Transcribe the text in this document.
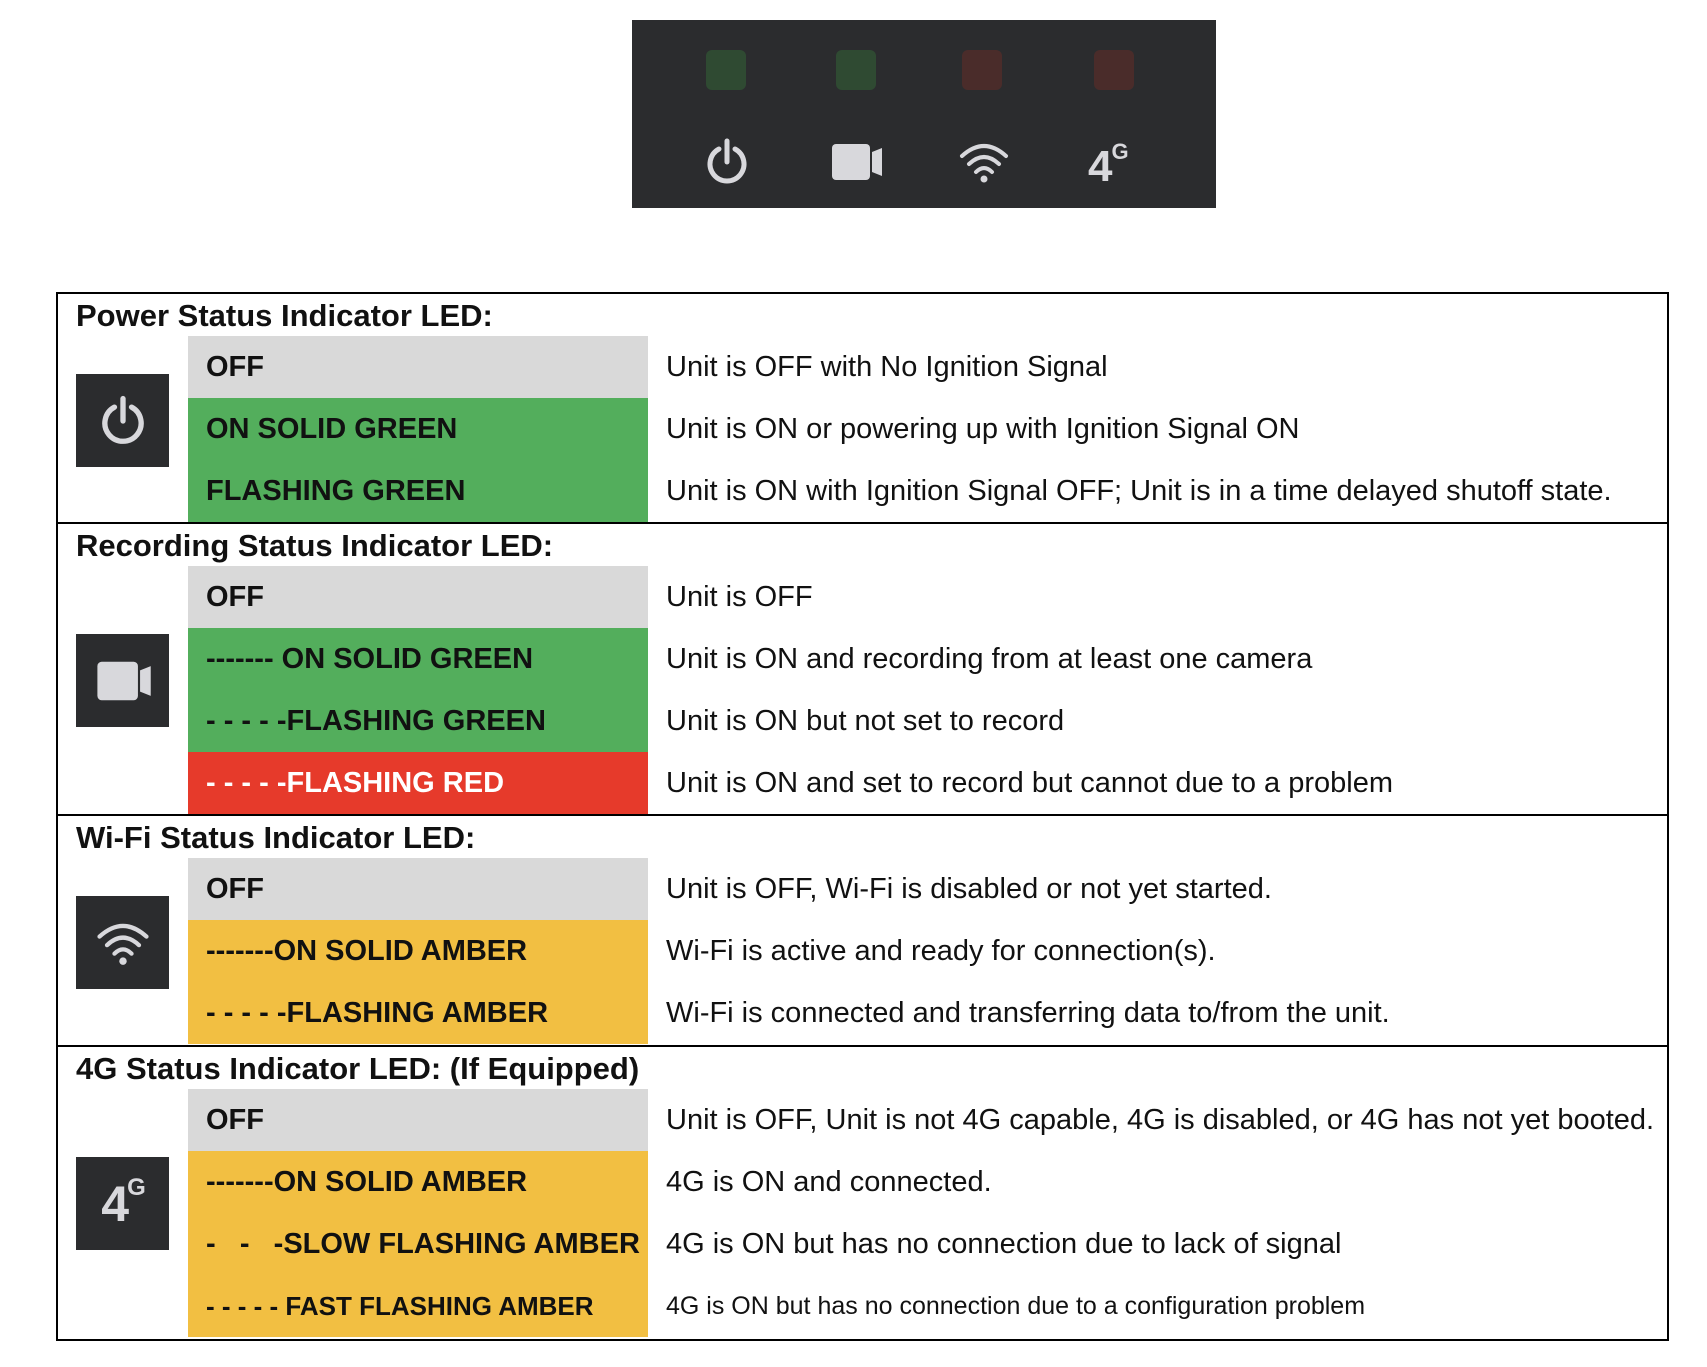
$4^G$
Power Status Indicator LED:
OFF	Unit is OFF with No Ignition Signal
ON SOLID GREEN	Unit is ON or powering up with Ignition Signal ON
FLASHING GREEN	Unit is ON with Ignition Signal OFF; Unit is in a time delayed shutoff state.
Recording Status Indicator LED:
OFF	Unit is OFF
------- ON SOLID GREEN	Unit is ON and recording from at least one camera
- - - - -FLASHING GREEN	Unit is ON but not set to record
- - - - -FLASHING RED	Unit is ON and set to record but cannot due to a problem
Wi-Fi Status Indicator LED:
OFF	Unit is OFF, Wi-Fi is disabled or not yet started.
-------ON SOLID AMBER	Wi-Fi is active and ready for connection(s).
- - - - -FLASHING AMBER	Wi-Fi is connected and transferring data to/from the unit.
4G Status Indicator LED: (If Equipped)
$4^G$
OFF	Unit is OFF, Unit is not 4G capable, 4G is disabled, or 4G has not yet booted.
-------ON SOLID AMBER	4G is ON and connected.
-   -   -SLOW FLASHING AMBER 4G is ON but has no connection due to lack of signal
- - - - - FAST FLASHING AMBER	4G is ON but has no connection due to a configuration problem
